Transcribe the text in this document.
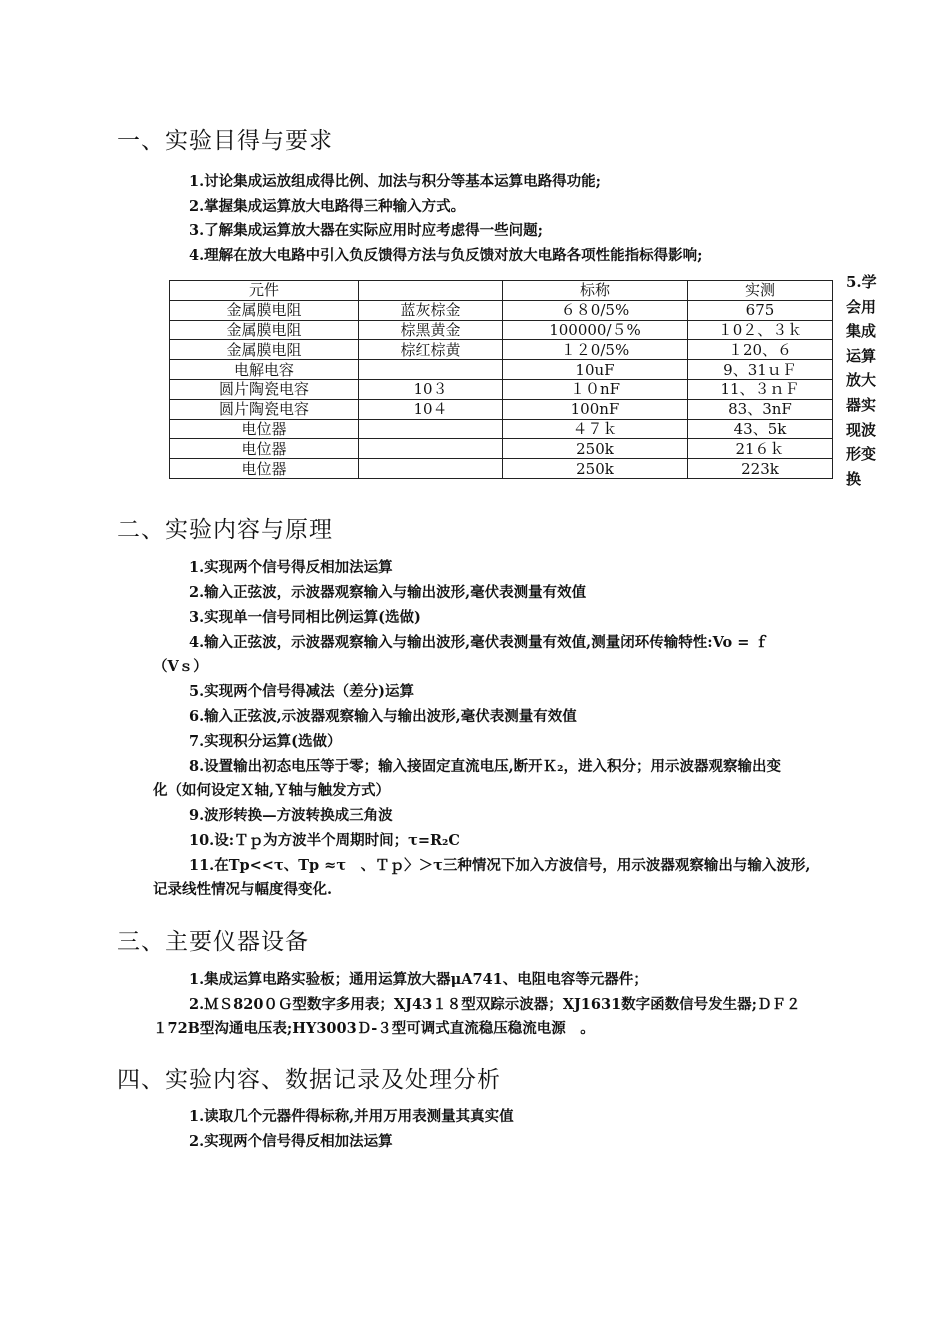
一、实验目得与要求
1.讨论集成运放组成得比例、加法与积分等基本运算电路得功能;
2.掌握集成运算放大电路得三种输入方式。
3.了解集成运算放大器在实际应用时应考虑得一些问题;
4.理解在放大电路中引入负反馈得方法与负反馈对放大电路各项性能指标得影响;
元件		标称	实测
金属膜电阻	蓝灰棕金	６８0/5%	675
金属膜电阻	棕黑黄金	100000/５%	１0２、３ｋ
金属膜电阻	棕红棕黄	１２0/5%	１20、６
电解电容		10uF	9、31ｕＦ
圆片陶瓷电容	10３	１０nF	11、３ｎＦ
圆片陶瓷电容	10４	100nF	83、3nF
电位器		４７ｋ	43、5k
电位器		250k	21６ｋ
电位器		250k	223k
5.学会用集成运算放大器实现波形变换
二、实验内容与原理
1.实现两个信号得反相加法运算
2.输入正弦波，示波器观察输入与输出波形,毫伏表测量有效值
3.实现单一信号同相比例运算(选做)
4.输入正弦波，示波器观察输入与输出波形,毫伏表测量有效值,测量闭环传输特性:Vo = ｆ
（Vｓ）
5.实现两个信号得减法（差分)运算
6.输入正弦波,示波器观察输入与输出波形,毫伏表测量有效值
7.实现积分运算(选做）
8.设置输出初态电压等于零；输入接固定直流电压,断开Ｋ₂，进入积分；用示波器观察输出变
化（如何设定Ｘ轴,Ｙ轴与触发方式）
9.波形转换—方波转换成三角波
10.设:Ｔｐ为方波半个周期时间；τ=R₂C
11.在Tp<<τ、Tp ≈τ　、Ｔｐ〉＞τ三种情况下加入方波信号，用示波器观察输出与输入波形,
记录线性情况与幅度得变化.
三、主要仪器设备
1.集成运算电路实验板；通用运算放大器μA741、电阻电容等元器件；
2.ＭＳ820０Ｇ型数字多用表；XJ43１８型双踪示波器；XJ1631数字函数信号发生器;ＤＦ２
１72B型沟通电压表;HY3003Ｄ-３型可调式直流稳压稳流电源　。
四、实验内容、数据记录及处理分析
1.读取几个元器件得标称,并用万用表测量其真实值
2.实现两个信号得反相加法运算
